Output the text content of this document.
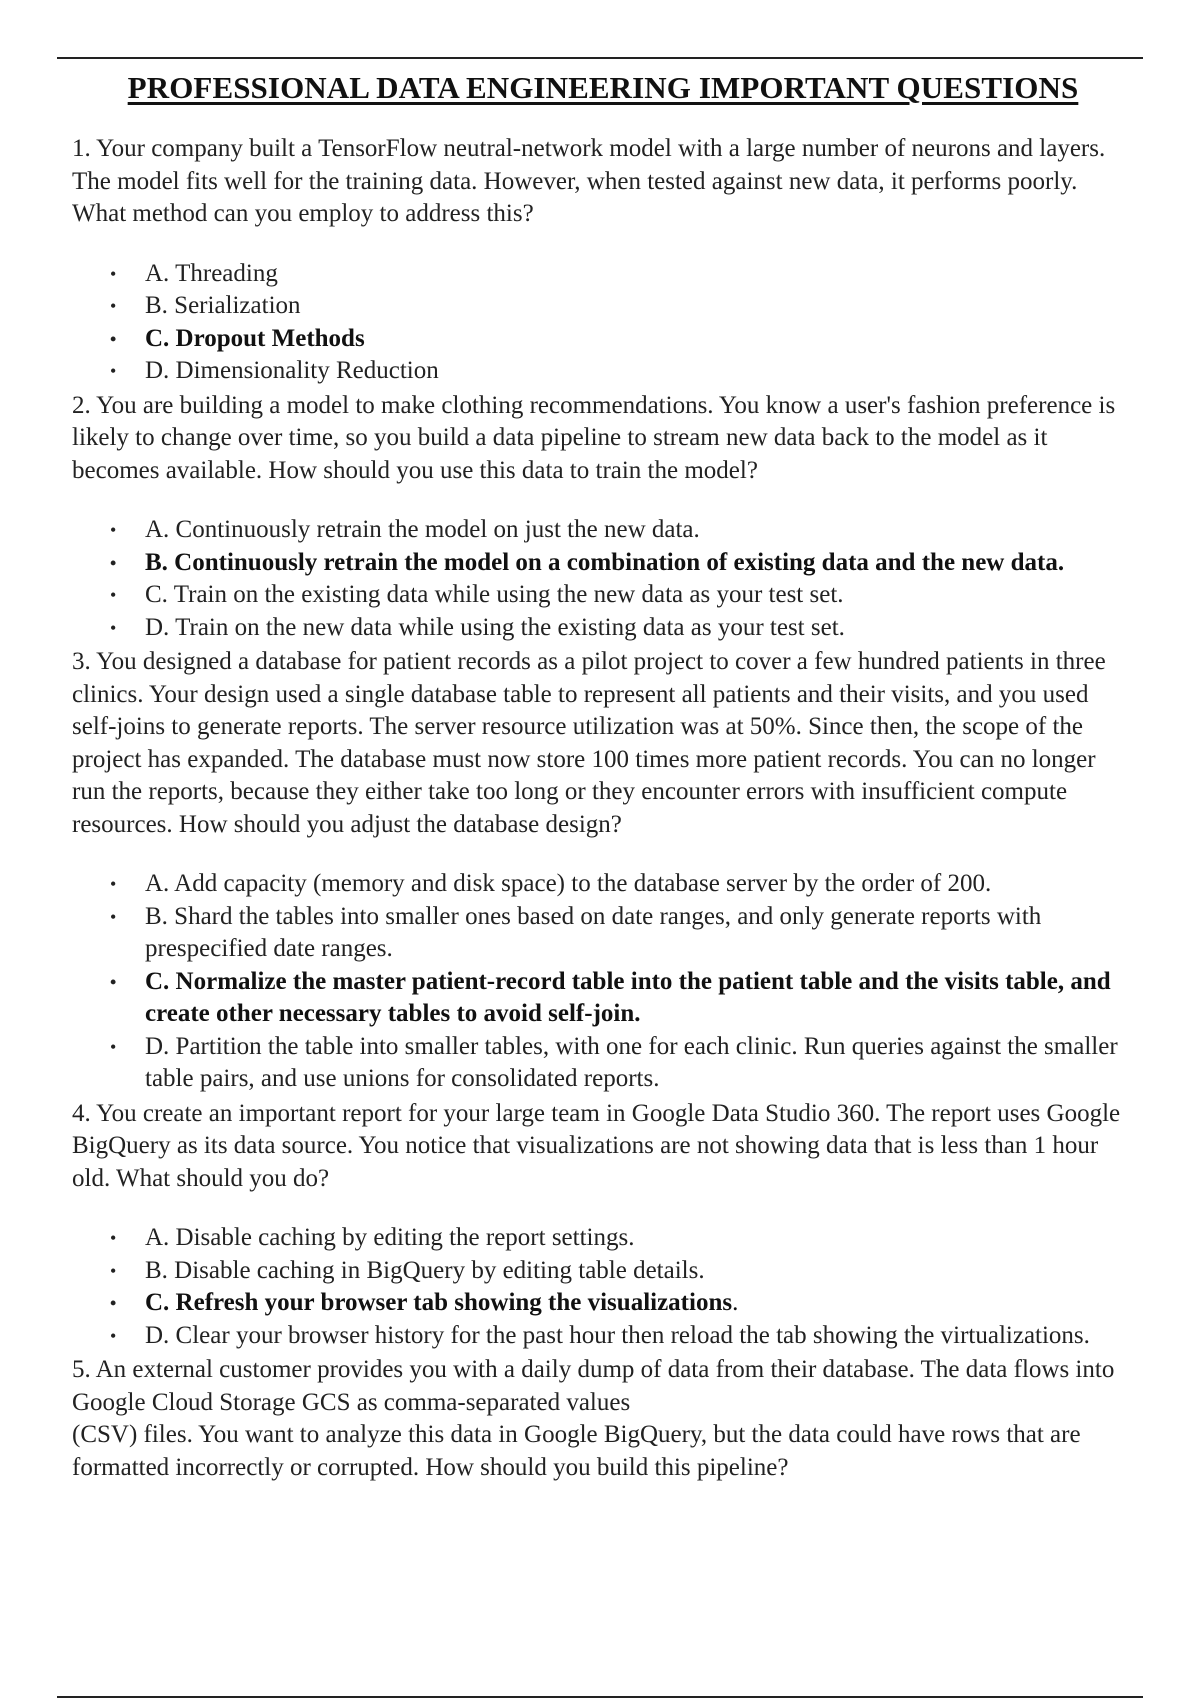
PROFESSIONAL DATA ENGINEERING IMPORTANT QUESTIONS

1. Your company built a TensorFlow neutral-network model with a large number of neurons and layers. The model fits well for the training data. However, when tested against new data, it performs poorly. What method can you employ to address this?

• A. Threading
• B. Serialization
• C. Dropout Methods
• D. Dimensionality Reduction

2. You are building a model to make clothing recommendations. You know a user's fashion preference is likely to change over time, so you build a data pipeline to stream new data back to the model as it becomes available. How should you use this data to train the model?

• A. Continuously retrain the model on just the new data.
• B. Continuously retrain the model on a combination of existing data and the new data.
• C. Train on the existing data while using the new data as your test set.
• D. Train on the new data while using the existing data as your test set.

3. You designed a database for patient records as a pilot project to cover a few hundred patients in three clinics. Your design used a single database table to represent all patients and their visits, and you used self-joins to generate reports. The server resource utilization was at 50%. Since then, the scope of the project has expanded. The database must now store 100 times more patient records. You can no longer run the reports, because they either take too long or they encounter errors with insufficient compute resources. How should you adjust the database design?

• A. Add capacity (memory and disk space) to the database server by the order of 200.
• B. Shard the tables into smaller ones based on date ranges, and only generate reports with prespecified date ranges.
• C. Normalize the master patient-record table into the patient table and the visits table, and create other necessary tables to avoid self-join.
• D. Partition the table into smaller tables, with one for each clinic. Run queries against the smaller table pairs, and use unions for consolidated reports.

4. You create an important report for your large team in Google Data Studio 360. The report uses Google BigQuery as its data source. You notice that visualizations are not showing data that is less than 1 hour old. What should you do?

• A. Disable caching by editing the report settings.
• B. Disable caching in BigQuery by editing table details.
• C. Refresh your browser tab showing the visualizations.
• D. Clear your browser history for the past hour then reload the tab showing the virtualizations.

5. An external customer provides you with a daily dump of data from their database. The data flows into Google Cloud Storage GCS as comma-separated values
(CSV) files. You want to analyze this data in Google BigQuery, but the data could have rows that are formatted incorrectly or corrupted. How should you build this pipeline?
